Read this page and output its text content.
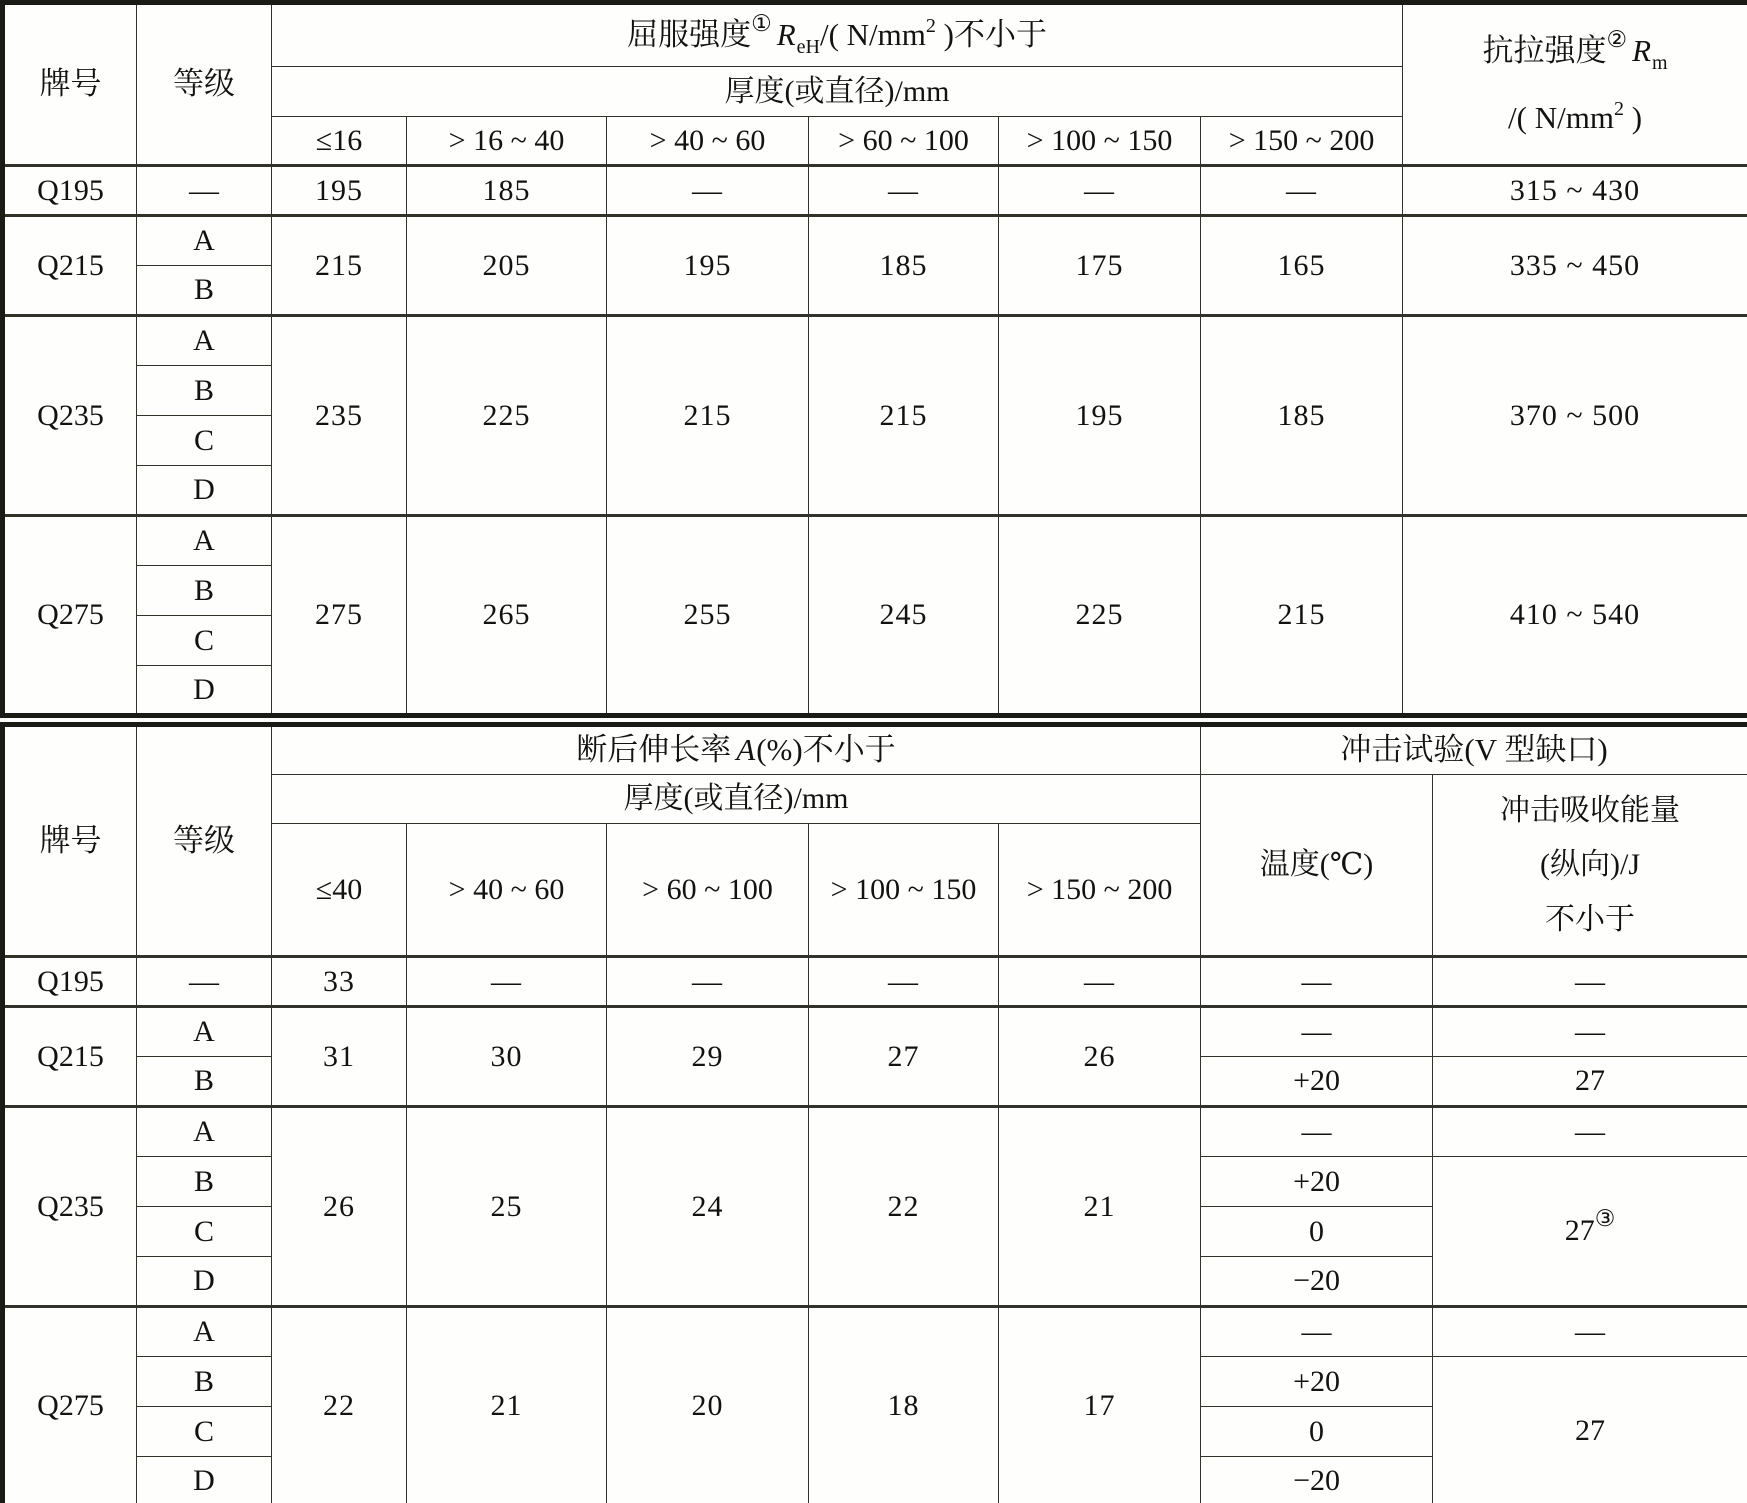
牌号	等级	屈服强度① $R_{eH}/$( $N/mm^2$ )不小于						抗拉强度② $R_m$
/( $N/mm^2$ )

		厚度(或直径)/mm						
		≤16	> 16 ~ 40	> 40 ~ 60	> 60 ~ 100	> 100 ~ 150	> 150 ~ 200	
Q195	—	195	185	—	—	—	—	315 ~ 430
Q215	A	215	205	195	185	175	165	335 ~ 450
	B							
Q235	A	235	225	215	215	195	185	370 ~ 500
	B							
	C							
	D							
Q275	A	275	265	255	245	225	215	410 ~ 540
	B							
	C							
	D							
牌号	等级	断后伸长率 A(%)不小于					冲击试验(V 型缺口)	
		厚度(或直径)/mm					温度(℃)	冲击吸收能量
(纵向)/J
不小于

		≤40	> 40 ~ 60	> 60 ~ 100	> 100 ~ 150	> 150 ~ 200		
Q195	—	33	—	—	—	—	—	—
Q215	A	31	30	29	27	26	—	—
	B						+20	27
Q235	A	26	25	24	22	21	—	—
	B						+20	27③
	C						0	
	D						−20	
Q275	A	22	21	20	18	17	—	—
	B						+20	27
	C						0	
	D						−20	
